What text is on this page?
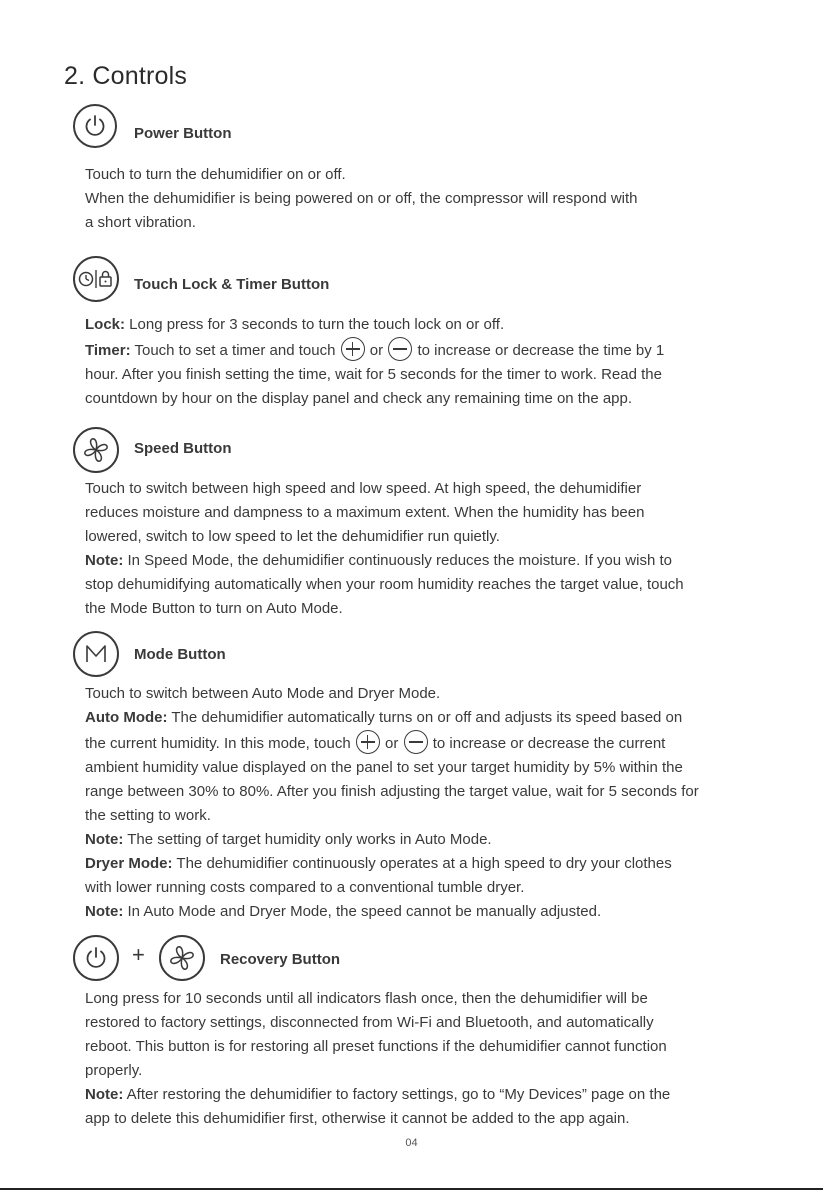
2. Controls
Power Button
Touch to turn the dehumidifier on or off.
When the dehumidifier is being powered on or off, the compressor will respond with
a short vibration.
Touch Lock & Timer Button
Lock: Long press for 3 seconds to turn the touch lock on or off.
Timer: Touch to set a timer and touch
or
to increase or decrease the time by 1
hour. After you finish setting the time, wait for 5 seconds for the timer to work. Read the
countdown by hour on the display panel and check any remaining time on the app.
Speed Button
Touch to switch between high speed and low speed. At high speed, the dehumidifier
reduces moisture and dampness to a maximum extent. When the humidity has been
lowered, switch to low speed to let the dehumidifier run quietly.
Note: In Speed Mode, the dehumidifier continuously reduces the moisture. If you wish to
stop dehumidifying automatically when your room humidity reaches the target value, touch
the Mode Button to turn on Auto Mode.
Mode Button
Touch to switch between Auto Mode and Dryer Mode.
Auto Mode: The dehumidifier automatically turns on or off and adjusts its speed based on
the current humidity. In this mode, touch
or
to increase or decrease the current
ambient humidity value displayed on the panel to set your target humidity by 5% within the
range between 30% to 80%. After you finish adjusting the target value, wait for 5 seconds for
the setting to work.
Note: The setting of target humidity only works in Auto Mode.
Dryer Mode: The dehumidifier continuously operates at a high speed to dry your clothes
with lower running costs compared to a conventional tumble dryer.
Note: In Auto Mode and Dryer Mode, the speed cannot be manually adjusted.
+	Recovery Button
Long press for 10 seconds until all indicators flash once, then the dehumidifier will be
restored to factory settings, disconnected from Wi-Fi and Bluetooth, and automatically
reboot. This button is for restoring all preset functions if the dehumidifier cannot function
properly.
Note: After restoring the dehumidifier to factory settings, go to “My Devices” page on the
app to delete this dehumidifier first, otherwise it cannot be added to the app again.
04
